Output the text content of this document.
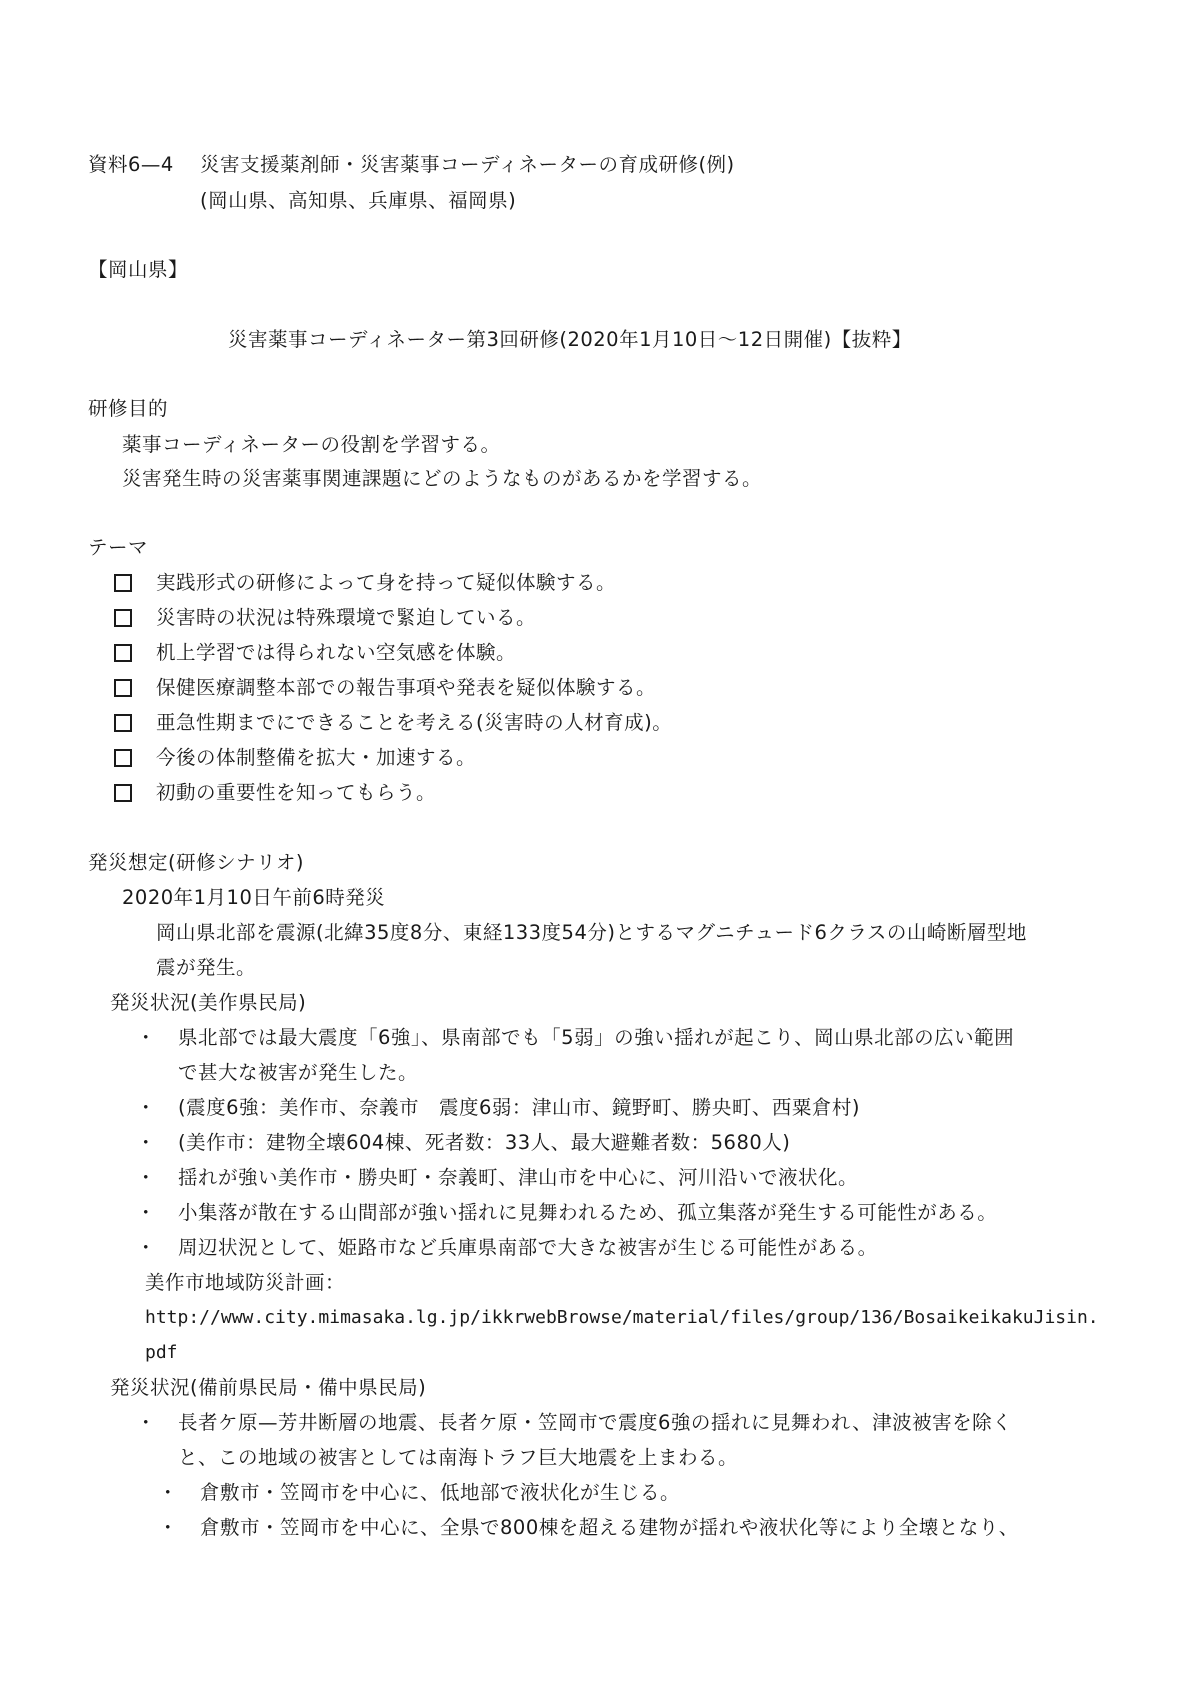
資料6—4 災害支援薬剤師・災害薬事コーディネーターの育成研修(例)
(岡山県、高知県、兵庫県、福岡県)
【岡山県】
災害薬事コーディネーター第3回研修(2020年1月10日～12日開催)【抜粋】
研修目的
薬事コーディネーターの役割を学習する。
災害発生時の災害薬事関連課題にどのようなものがあるかを学習する。
テーマ
実践形式の研修によって身を持って疑似体験する。
災害時の状況は特殊環境で緊迫している。
机上学習では得られない空気感を体験。
保健医療調整本部での報告事項や発表を疑似体験する。
亜急性期までにできることを考える(災害時の人材育成)。
今後の体制整備を拡大・加速する。
初動の重要性を知ってもらう。
発災想定(研修シナリオ)
2020年1月10日午前6時発災
岡山県北部を震源(北緯35度8分、東経133度54分)とするマグニチュード6クラスの山崎断層型地
震が発生。
発災状況(美作県民局)
・ 県北部では最大震度「6強」、県南部でも「5弱」の強い揺れが起こり、岡山県北部の広い範囲
で甚大な被害が発生した。
・ (震度6強：美作市、奈義市　震度6弱：津山市、鏡野町、勝央町、西粟倉村)
・ (美作市：建物全壊604棟、死者数：33人、最大避難者数：5680人)
・ 揺れが強い美作市・勝央町・奈義町、津山市を中心に、河川沿いで液状化。
・ 小集落が散在する山間部が強い揺れに見舞われるため、孤立集落が発生する可能性がある。
・ 周辺状況として、姫路市など兵庫県南部で大きな被害が生じる可能性がある。
美作市地域防災計画：
http://www.city.mimasaka.lg.jp/ikkrwebBrowse/material/files/group/136/BosaikeikakuJisin.
pdf
発災状況(備前県民局・備中県民局)
・ 長者ケ原—芳井断層の地震、長者ケ原・笠岡市で震度6強の揺れに見舞われ、津波被害を除く
と、この地域の被害としては南海トラフ巨大地震を上まわる。
・ 倉敷市・笠岡市を中心に、低地部で液状化が生じる。
・ 倉敷市・笠岡市を中心に、全県で800棟を超える建物が揺れや液状化等により全壊となり、
